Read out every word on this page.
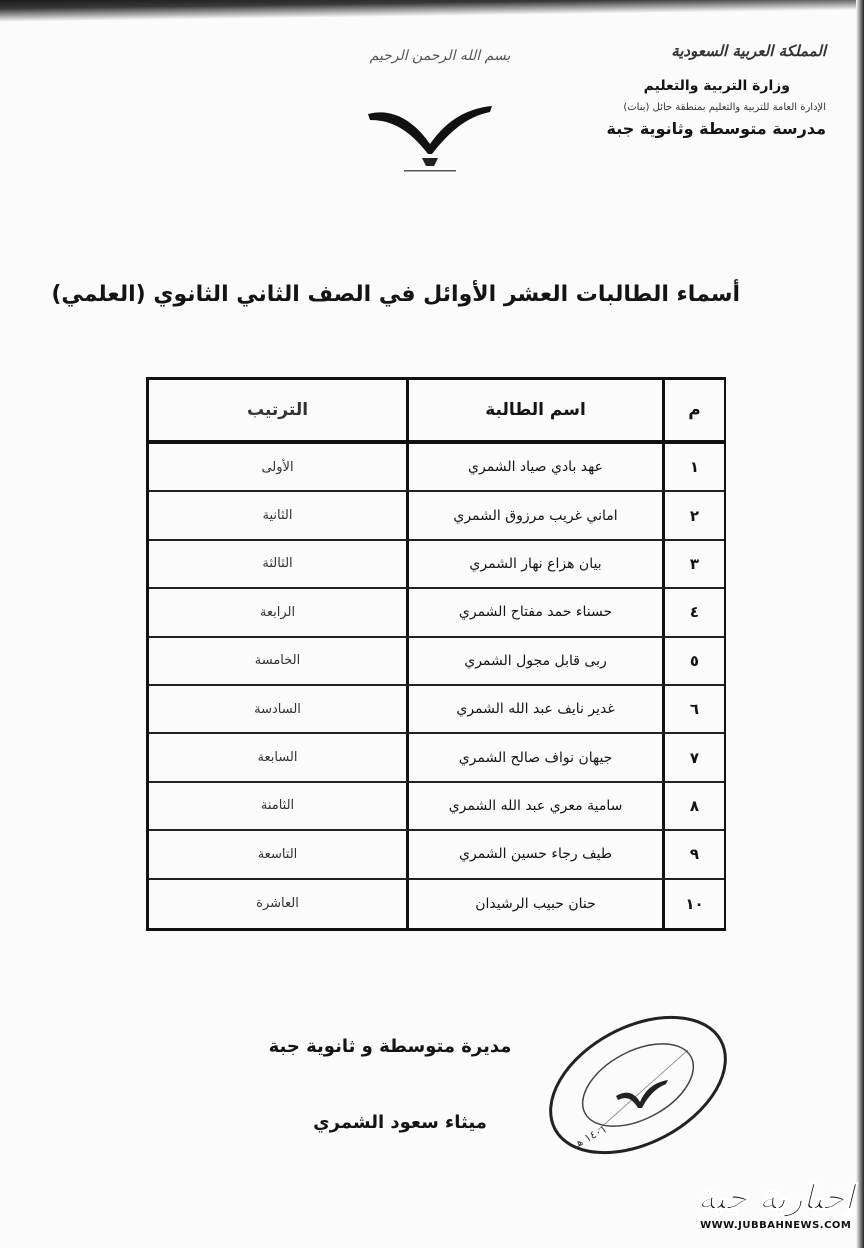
المملكة العربية السعودية
وزارة التربية والتعليم
الإدارة العامة للتربية والتعليم بمنطقة حائل (بنات)
مدرسة متوسطة وثانوية جبة
بسم الله الرحمن الرحيم
أسماء الطالبات العشر الأوائل في الصف الثاني الثانوي (العلمي)
م
اسم الطالبة
الترتيب
١
عهد بادي صياد الشمري
الأولى
٢
اماني غريب مرزوق الشمري
الثانية
٣
بيان هزاع نهار الشمري
الثالثة
٤
حسناء حمد مفتاح الشمري
الرابعة
٥
ربى قابل مجول الشمري
الخامسة
٦
غدير نايف عبد الله الشمري
السادسة
٧
جيهان نواف صالح الشمري
السابعة
٨
سامية معري عبد الله الشمري
الثامنة
٩
طيف رجاء حسين الشمري
التاسعة
١٠
حنان حبيب الرشيدان
العاشرة
مديرة متوسطة و ثانوية جبة
ميثاء سعود الشمري
١٤٠١ هـ
إخبارية جبة
WWW.JUBBAHNEWS.COM
